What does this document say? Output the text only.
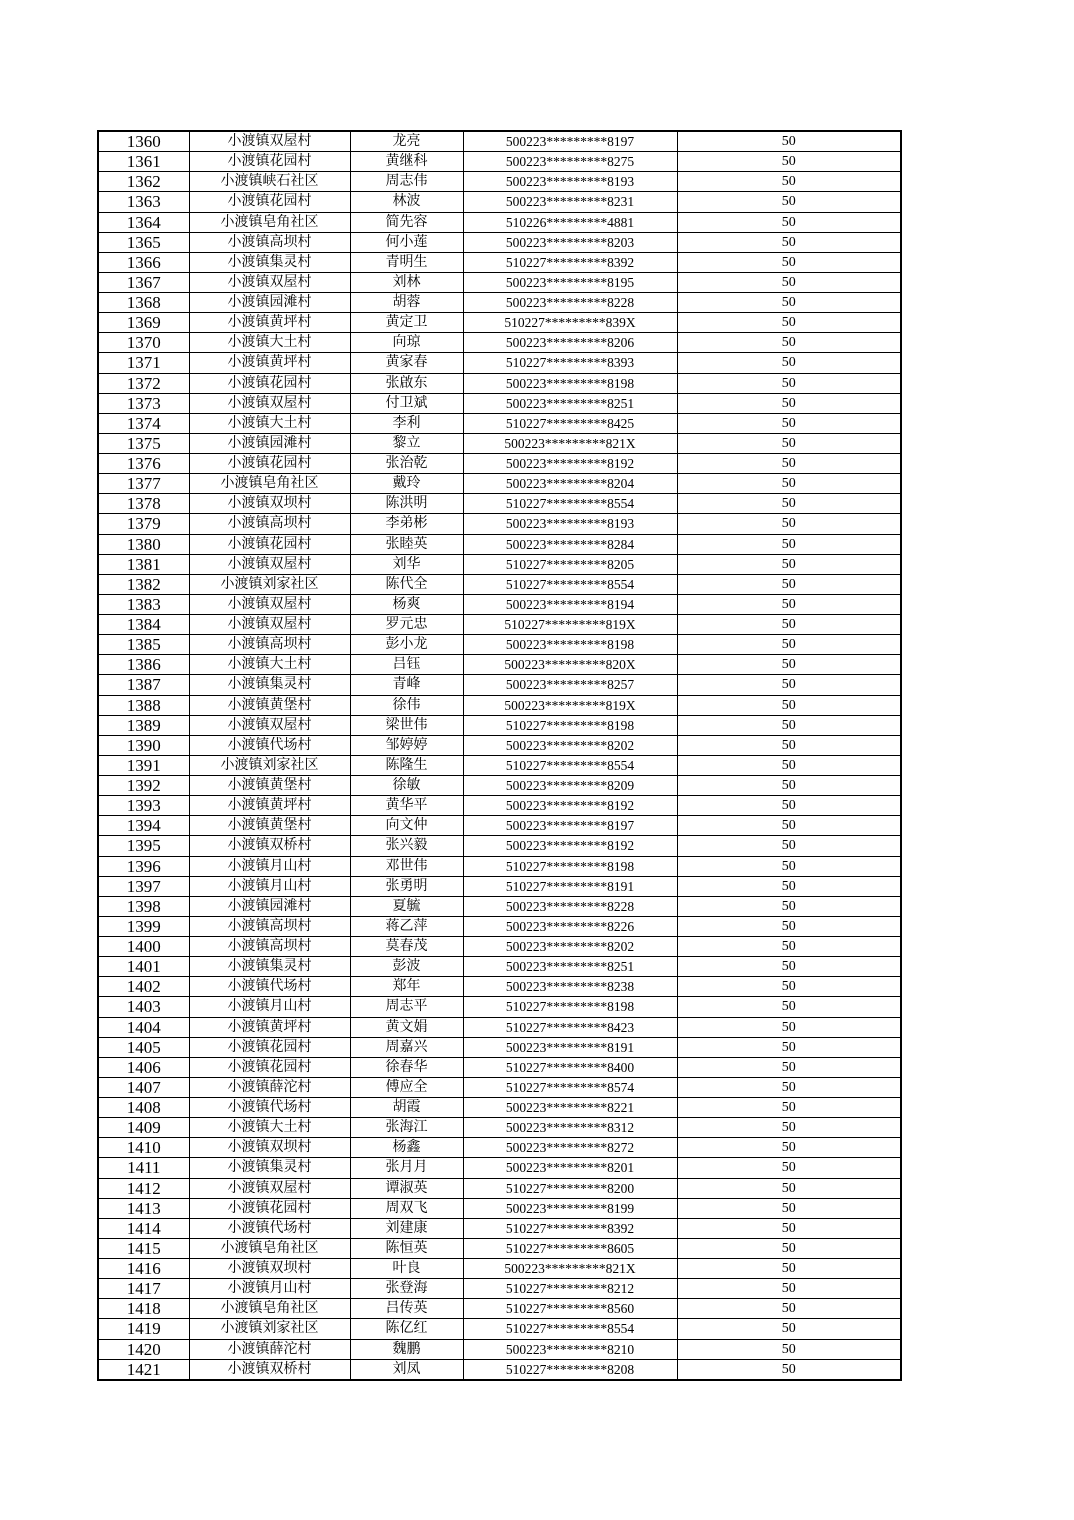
1360	小渡镇双屋村	龙亮	500223*********8197	50
1361	小渡镇花园村	黄继科	500223*********8275	50
1362	小渡镇峡石社区	周志伟	500223*********8193	50
1363	小渡镇花园村	林波	500223*********8231	50
1364	小渡镇皂角社区	简先容	510226*********4881	50
1365	小渡镇高坝村	何小莲	500223*********8203	50
1366	小渡镇集灵村	青明生	510227*********8392	50
1367	小渡镇双屋村	刘林	500223*********8195	50
1368	小渡镇园滩村	胡蓉	500223*********8228	50
1369	小渡镇黄坪村	黄定卫	510227*********839X	50
1370	小渡镇大土村	向琼	500223*********8206	50
1371	小渡镇黄坪村	黄家春	510227*********8393	50
1372	小渡镇花园村	张啟东	500223*********8198	50
1373	小渡镇双屋村	付卫斌	500223*********8251	50
1374	小渡镇大土村	李利	510227*********8425	50
1375	小渡镇园滩村	黎立	500223*********821X	50
1376	小渡镇花园村	张治乾	500223*********8192	50
1377	小渡镇皂角社区	戴玲	500223*********8204	50
1378	小渡镇双坝村	陈洪明	510227*********8554	50
1379	小渡镇高坝村	李弟彬	500223*********8193	50
1380	小渡镇花园村	张睦英	500223*********8284	50
1381	小渡镇双屋村	刘华	510227*********8205	50
1382	小渡镇刘家社区	陈代全	510227*********8554	50
1383	小渡镇双屋村	杨爽	500223*********8194	50
1384	小渡镇双屋村	罗元忠	510227*********819X	50
1385	小渡镇高坝村	彭小龙	500223*********8198	50
1386	小渡镇大土村	吕钰	500223*********820X	50
1387	小渡镇集灵村	青峰	500223*********8257	50
1388	小渡镇黄堡村	徐伟	500223*********819X	50
1389	小渡镇双屋村	梁世伟	510227*********8198	50
1390	小渡镇代场村	邹婷婷	500223*********8202	50
1391	小渡镇刘家社区	陈隆生	510227*********8554	50
1392	小渡镇黄堡村	徐敏	500223*********8209	50
1393	小渡镇黄坪村	黄华平	500223*********8192	50
1394	小渡镇黄堡村	向文仲	500223*********8197	50
1395	小渡镇双桥村	张兴毅	500223*********8192	50
1396	小渡镇月山村	邓世伟	510227*********8198	50
1397	小渡镇月山村	张勇明	510227*********8191	50
1398	小渡镇园滩村	夏毓	500223*********8228	50
1399	小渡镇高坝村	蒋乙萍	500223*********8226	50
1400	小渡镇高坝村	莫春茂	500223*********8202	50
1401	小渡镇集灵村	彭波	500223*********8251	50
1402	小渡镇代场村	郑年	500223*********8238	50
1403	小渡镇月山村	周志平	510227*********8198	50
1404	小渡镇黄坪村	黄文娟	510227*********8423	50
1405	小渡镇花园村	周嘉兴	500223*********8191	50
1406	小渡镇花园村	徐春华	510227*********8400	50
1407	小渡镇薛沱村	傅应全	510227*********8574	50
1408	小渡镇代场村	胡霞	500223*********8221	50
1409	小渡镇大土村	张海江	500223*********8312	50
1410	小渡镇双坝村	杨鑫	500223*********8272	50
1411	小渡镇集灵村	张月月	500223*********8201	50
1412	小渡镇双屋村	谭淑英	510227*********8200	50
1413	小渡镇花园村	周双飞	500223*********8199	50
1414	小渡镇代场村	刘建康	510227*********8392	50
1415	小渡镇皂角社区	陈恒英	510227*********8605	50
1416	小渡镇双坝村	叶良	500223*********821X	50
1417	小渡镇月山村	张登海	510227*********8212	50
1418	小渡镇皂角社区	吕传英	510227*********8560	50
1419	小渡镇刘家社区	陈亿红	510227*********8554	50
1420	小渡镇薛沱村	魏鹏	500223*********8210	50
1421	小渡镇双桥村	刘凤	510227*********8208	50
